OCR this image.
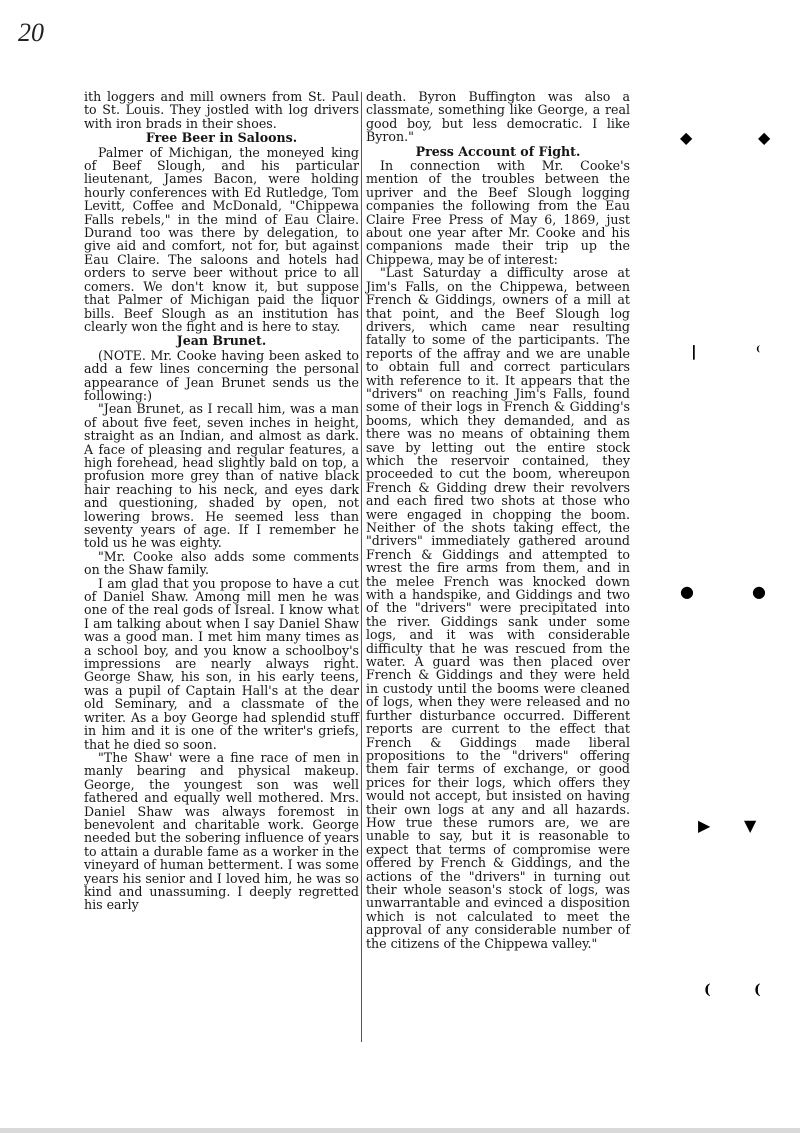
20

ith loggers and mill owners from St. Paul to St. Louis. They jostled with log drivers with iron brads in their shoes.

Free Beer in Saloons.

Palmer of Michigan, the moneyed king of Beef Slough, and his particular lieutenant, James Bacon, were holding hourly conferences with Ed Rutledge, Tom Levitt, Coffee and McDonald, "Chippewa Falls rebels," in the mind of Eau Claire. Durand too was there by delegation, to give aid and comfort, not for, but against Eau Claire. The saloons and hotels had orders to serve beer without price to all comers. We don't know it, but suppose that Palmer of Michigan paid the liquor bills. Beef Slough as an institution has clearly won the fight and is here to stay.

Jean Brunet.

(NOTE. Mr. Cooke having been asked to add a few lines concerning the personal appearance of Jean Brunet sends us the following:)

"Jean Brunet, as I recall him, was a man of about five feet, seven inches in height, straight as an Indian, and almost as dark. A face of pleasing and regular features, a high forehead, head slightly bald on top, a profusion more grey than of native black hair reaching to his neck, and eyes dark and questioning, shaded by open, not lowering brows. He seemed less than seventy years of age. If I remember he told us he was eighty.

"Mr. Cooke also adds some comments on the Shaw family.

I am glad that you propose to have a cut of Daniel Shaw. Among mill men he was one of the real gods of Isreal. I know what I am talking about when I say Daniel Shaw was a good man. I met him many times as a school boy, and you know a schoolboy's impressions are nearly always right. George Shaw, his son, in his early teens, was a pupil of Captain Hall's at the dear old Seminary, and a classmate of the writer. As a boy George had splendid stuff in him and it is one of the writer's griefs, that he died so soon.

"The Shaw' were a fine race of men in manly bearing and physical makeup. George, the youngest son was well fathered and equally well mothered. Mrs. Daniel Shaw was always foremost in benevolent and charitable work. George needed but the sobering influence of years to attain a durable fame as a worker in the vineyard of human betterment. I was some years his senior and I loved him, he was so kind and unassuming. I deeply regretted his early

death. Byron Buffington was also a classmate, something like George, a real good boy, but less democratic. I like Byron."

Press Account of Fight.

In connection with Mr. Cooke's mention of the troubles between the upriver and the Beef Slough logging companies the following from the Eau Claire Free Press of May 6, 1869, just about one year after Mr. Cooke and his companions made their trip up the Chippewa, may be of interest:

"Last Saturday a difficulty arose at Jim's Falls, on the Chippewa, between French & Giddings, owners of a mill at that point, and the Beef Slough log drivers, which came near resulting fatally to some of the participants. The reports of the affray and we are unable to obtain full and correct particulars with reference to it. It appears that the "drivers" on reaching Jim's Falls, found some of their logs in French & Gidding's booms, which they demanded, and as there was no means of obtaining them save by letting out the entire stock which the reservoir contained, they proceeded to cut the boom, whereupon French & Gidding drew their revolvers and each fired two shots at those who were engaged in chopping the boom. Neither of the shots taking effect, the "drivers" immediately gathered around French & Giddings and attempted to wrest the fire arms from them, and in the melee French was knocked down with a handspike, and Giddings and two of the "drivers" were precipitated into the river. Giddings sank under some logs, and it was with considerable difficulty that he was rescued from the water. A guard was then placed over French & Giddings and they were held in custody until the booms were cleaned of logs, when they were released and no further disturbance occurred. Different reports are current to the effect that French & Giddings made liberal propositions to the "drivers" offering them fair terms of exchange, or good prices for their logs, which offers they would not accept, but insisted on having their own logs at any and all hazards. How true these rumors are, we are unable to say, but it is reasonable to expect that terms of compromise were offered by French & Giddings, and the actions of the "drivers" in turning out their whole season's stock of logs, was unwarrantable and evinced a disposition which is not calculated to meet the approval of any considerable number of the citizens of the Chippewa valley."

◆	◆
❘	⁽
●	●
▶ ▼
(	(
